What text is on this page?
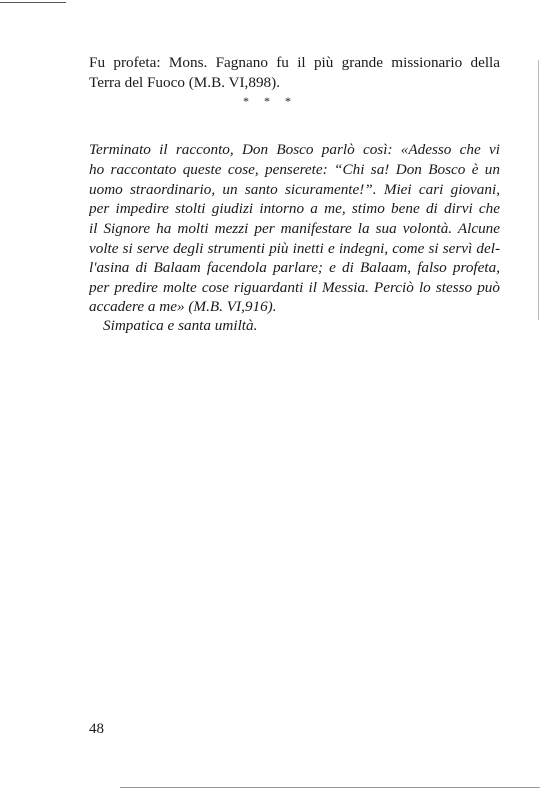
Fu profeta: Mons. Fagnano fu il più grande missionario della
Terra del Fuoco (M.B. VI,898).
* * *
Terminato il racconto, Don Bosco parlò così: «Adesso che vi
ho raccontato queste cose, penserete: “Chi sa! Don Bosco è un
uomo straordinario, un santo sicuramente!”. Miei cari giovani,
per impedire stolti giudizi intorno a me, stimo bene di dirvi che
il Signore ha molti mezzi per manifestare la sua volontà. Alcune
volte si serve degli strumenti più inetti e indegni, come si servì del-
l'asina di Balaam facendola parlare; e di Balaam, falso profeta,
per predire molte cose riguardanti il Messia. Perciò lo stesso può
accadere a me» (M.B. VI,916).
Simpatica e santa umiltà.
48
